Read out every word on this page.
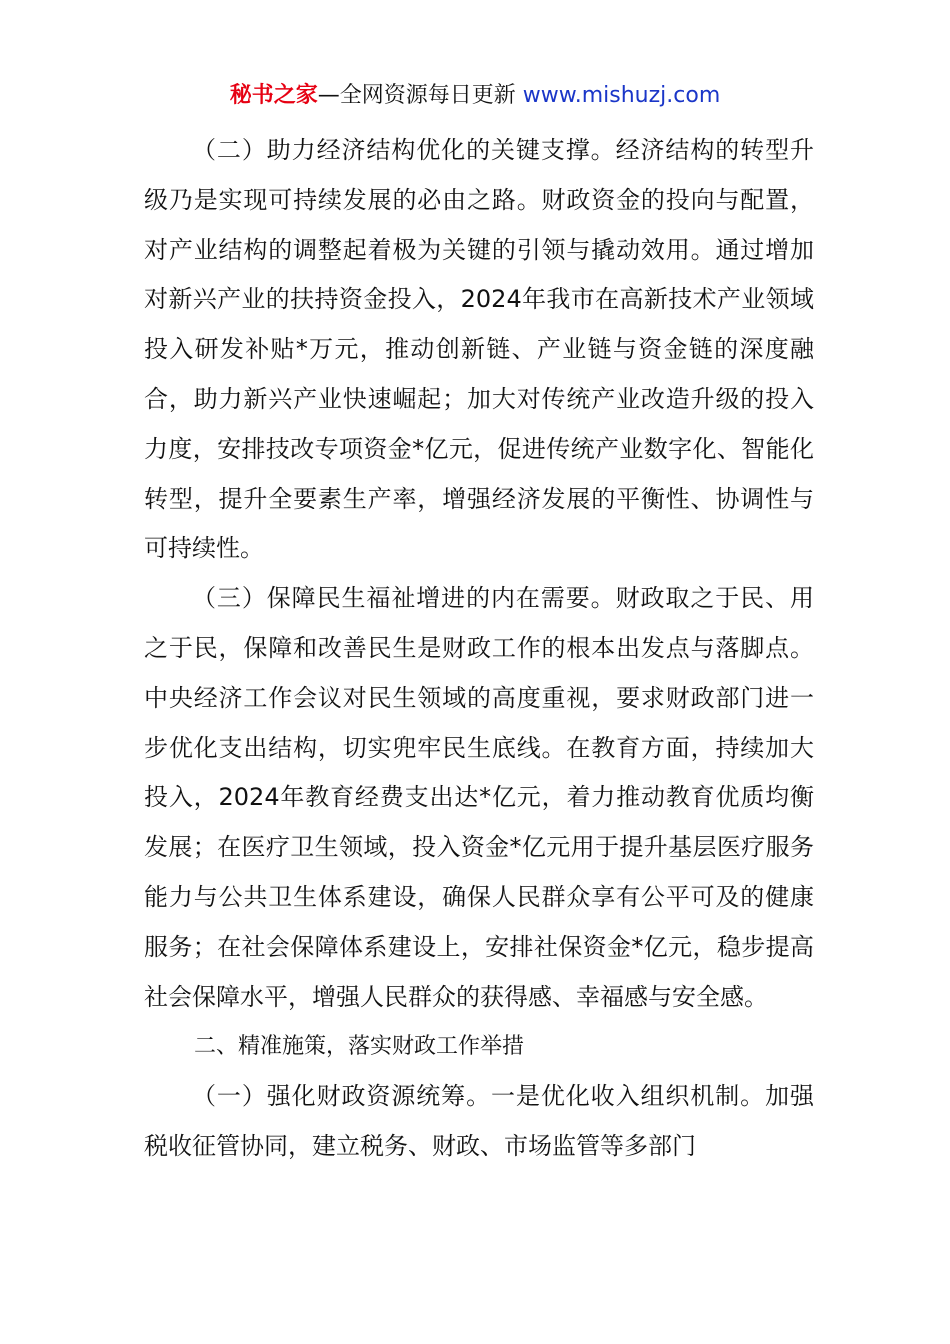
秘书之家—全网资源每日更新 www.mishuzj.com

（二）助力经济结构优化的关键支撑。经济结构的转型升级乃是实现可持续发展的必由之路。财政资金的投向与配置，对产业结构的调整起着极为关键的引领与撬动效用。通过增加对新兴产业的扶持资金投入，2024年我市在高新技术产业领域投入研发补贴*万元，推动创新链、产业链与资金链的深度融合，助力新兴产业快速崛起；加大对传统产业改造升级的投入力度，安排技改专项资金*亿元，促进传统产业数字化、智能化转型，提升全要素生产率，增强经济发展的平衡性、协调性与可持续性。

（三）保障民生福祉增进的内在需要。财政取之于民、用之于民，保障和改善民生是财政工作的根本出发点与落脚点。中央经济工作会议对民生领域的高度重视，要求财政部门进一步优化支出结构，切实兜牢民生底线。在教育方面，持续加大投入，2024年教育经费支出达*亿元，着力推动教育优质均衡发展；在医疗卫生领域，投入资金*亿元用于提升基层医疗服务能力与公共卫生体系建设，确保人民群众享有公平可及的健康服务；在社会保障体系建设上，安排社保资金*亿元，稳步提高社会保障水平，增强人民群众的获得感、幸福感与安全感。

二、精准施策，落实财政工作举措

（一）强化财政资源统筹。一是优化收入组织机制。加强税收征管协同，建立税务、财政、市场监管等多部门
